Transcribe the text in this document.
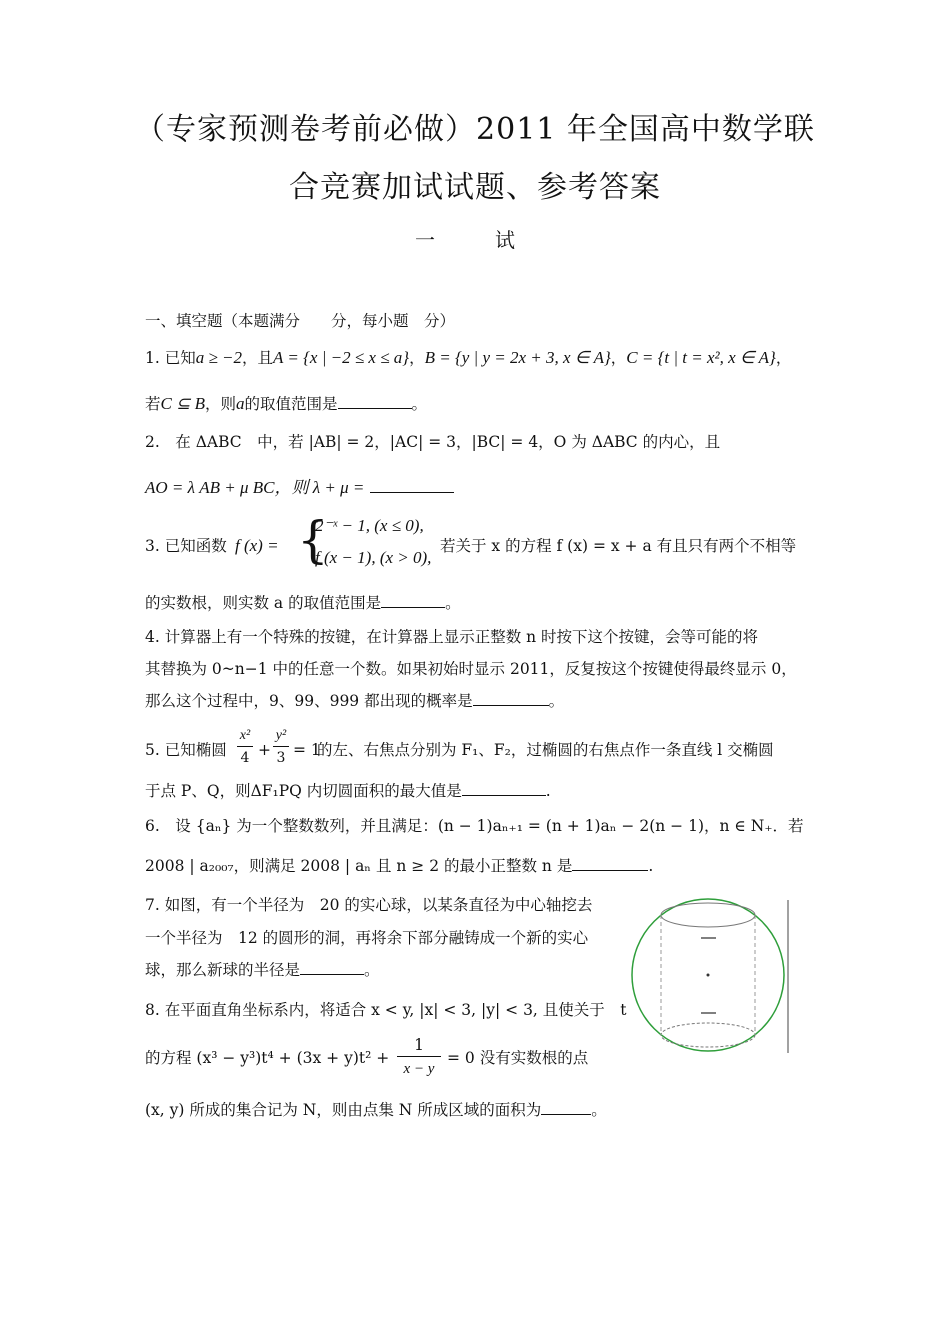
（专家预测卷考前必做）2011 年全国高中数学联
合竞赛加试试题、参考答案
一　试
一、填空题（本题满分　　分，每小题　分）
1. 已知a ≥ −2，且A = {x | −2 ≤ x ≤ a}，B = {y | y = 2x + 3, x ∈ A}，C = {t | t = x², x ∈ A}，
若C ⊆ B，则a的取值范围是	。
2.　在 ΔABC　中，若 |AB| = 2，|AC| = 3，|BC| = 4，O 为 ΔABC 的内心，且
AO = λ AB + μ BC，则 λ + μ =
3. 已知函数 f (x) = {
2⁻ˣ − 1, (x ≤ 0),
f (x − 1), (x > 0),
若关于 x 的方程 f (x) = x + a 有且只有两个不相等
的实数根，则实数 a 的取值范围是	。
4. 计算器上有一个特殊的按键，在计算器上显示正整数 n 时按下这个按键，会等可能的将
其替换为 0~n−1 中的任意一个数。如果初始时显示 2011，反复按这个按键使得最终显示 0，
那么这个过程中，9、99、999 都出现的概率是	。
5. 已知椭圆 $\frac{\text{x²}}{4} + \frac{\text{y²}}{3} = 1$
的左、右焦点分别为 F₁、F₂，过椭圆的右焦点作一条直线 l 交椭圆
于点 P、Q，则ΔF₁PQ 内切圆面积的最大值是	.
6.　设 {aₙ} 为一个整数数列，并且满足：(n − 1)aₙ₊₁ = (n + 1)aₙ − 2(n − 1)，n ∈ N₊．若
2008 | a₂₀₀₇，则满足 2008 | aₙ 且 n ≥ 2 的最小正整数 n 是	.
7. 如图，有一个半径为　20 的实心球，以某条直径为中心轴挖去
一个半径为　12 的圆形的洞，再将余下部分融铸成一个新的实心
球，那么新球的半径是	。
8. 在平面直角坐标系内，将适合 x < y, |x| < 3, |y| < 3, 且使关于　t
的方程 $(x^3 - y^3)t^4 + (3x + y)t^2 + \frac{1}{x - y} = 0$ 没有实数根的点
(x, y) 所成的集合记为 N，则由点集 N 所成区域的面积为	。
